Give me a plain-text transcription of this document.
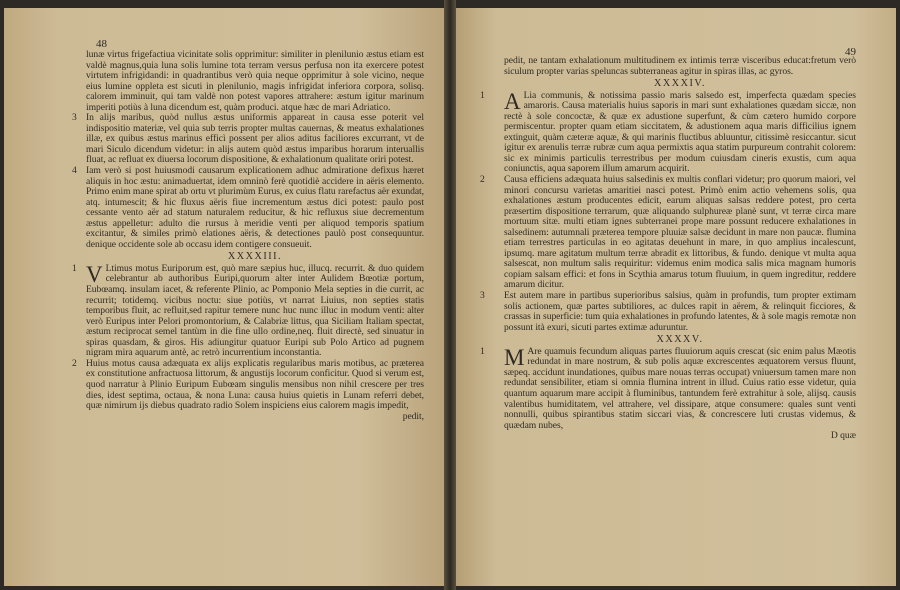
48

lunæ virtus frigefactiua vicinitate solis opprimitur: similiter in plenilunio æstus etiam est valdè magnus,quia luna solis lumine tota terram versus perfusa non ita exercere potest virtutem infrigidandi: in quadrantibus verò quia neque opprimitur à sole vicino, neque eius lumine oppleta est sicuti in plenilunio, magis infrigidat inferiora corpora, solisq. calorem imminuit, qui tam valdè non potest vapores attrahere: æstum igitur marinum imperiti potiùs à luna dicendum est, quàm produci. atque hæc de mari Adriatico.

3 In alijs maribus, quòd nullus æstus uniformis appareat in causa esse poterit vel indispositio materiæ, vel quia sub terris propter multas cauernas, & meatus exhalationes illæ, ex quibus æstus marinus efficì possent per alios aditus faciliores excurrant, vt de mari Siculo dicendum videtur: in alijs autem quòd æstus imparibus horarum interuallis fluat, ac refluat ex diuersa locorum dispositione, & exhalationum qualitate oriri potest.

4 Iam verò si post huiusmodi causarum explicationem adhuc admiratione defixus hæret aliquis in hoc æstu: animaduertat, idem omninò ferè quotidiè accidere in aëris elemento. Primo enim mane spirat ab ortu vt plurimùm Eurus, ex cuius flatu rarefactus aër exundat, atq. intumescit; & hic fluxus aëris fiue incrementum æstus dici potest: paulo post cessante vento aër ad statum naturalem reducitur, & hic refluxus siue decrementum æstus appelletur: adulto die rursus à meridie venti per aliquod temporis spatium excitantur, & similes primò elationes aëris, & detectiones paulò post consequuntur. denique occidente sole ab occasu idem contigere consueuit.

XXXXIII.
1 V Ltimus motus Euriporum est, quò mare sæpius huc, illucq. recurrit. & duo quidem celebrantur ab authoribus Euripi,quorum alter inter Aulidem Bœotiæ portum, Eubœamq. insulam iacet, & referente Plinio, ac Pomponio Mela septies in die currit, ac recurrit; totidemq. vicibus noctu: siue potiùs, vt narrat Liuius, non septies statis temporibus fluit, ac refluit,sed rapitur temere nunc huc nunc illuc in modum venti: alter verò Euripus inter Pelori promontorium, & Calabriæ littus, qua Siciliam Italiam spectat, æstum reciprocat semel tantùm in die fine ullo ordine,neq. fluit directè, sed sinuatur in spiras quasdam, & giros. His adiungitur quatuor Euripi sub Polo Artico ad pugnem nigram mira aquarum antè, ac retrò incurrentium inconstantia.

2 Huius motus causa adæquata ex alijs explicatis regularibus maris motibus, ac præterea ex constitutione anfractuosa littorum, & angustijs locorum conficitur. Quod si verum est, quod narratur à Plinio Euripum Eubœam singulis mensibus non nihil crescere per tres dies, idest septima, octaua, & nona Luna: causa huius quietis in Lunam referri debet, quæ nimirum ijs diebus quadrato radio Solem inspiciens eius calorem magis impedit,

pedit,
49

pedit, ne tantam exhalationum multitudinem ex intimis terræ visceribus educat:fretum verò siculum propter varias speluncas subterraneas agitur in spiras illas, ac gyros.

XXXXIV.
1 A Lia communis, & notissima passio maris salsedo est, imperfecta quædam species amaroris. Causa materialis huius saporis in mari sunt exhalationes quædam siccæ, non rectè à sole concoctæ, & quæ ex adustione superfunt, & cùm cætero humido corpore permiscentur. propter quam etiam siccitatem, & adustionem aqua maris difficilius ignem extinguit, quàm cæteræ aquæ, & qui marinis fluctibus abluuntur, citissimè resiccantur. sicut igitur ex arenulis terræ rubræ cum aqua permixtis aqua statim purpureum contrahit colorem: sic ex minimis particulis terrestribus per modum cuiusdam cineris exustis, cum aqua coniunctis, aqua saporem illum amarum acquirit.

2 Causa efficiens adæquata huius salsedinis ex multis conflari videtur; pro quorum maiori, vel minori concursu varietas amaritiei nasci potest. Primò enim actio vehemens solis, qua exhalationes æstum producentes edicit, earum aliquas salsas reddere potest, pro certa præsertim dispositione terrarum, quæ aliquando sulphureæ planè sunt, vt terræ circa mare mortuum sitæ. multi etiam ignes subterranei prope mare possunt reducere exhalationes in salsedinem: autumnali præterea tempore pluuiæ salsæ decidunt in mare non paucæ. flumina etiam terrestres particulas in eo agitatas deuehunt in mare, in quo amplius incalescunt, ipsumq. mare agitatum multum terræ abradit ex littoribus, & fundo. denique vt multa aqua salsescat, non multum salis requiritur: videmus enim modica salis mica magnam humoris copiam salsam effici: et fons in Scythia amarus totum fluuium, in quem ingreditur, reddere amarum dicitur.

3 Est autem mare in partibus superioribus salsius, quàm in profundis, tum propter extimam solis actionem, quæ partes subtiliores, ac dulces rapit in aërem, & relinquit ficciores, & crassas in superficie: tum quia exhalationes in profundo latentes, & à sole magis remotæ non possunt ità exuri, sicuti partes extimæ aduruntur.

XXXXV.
1 M Are quamuis fecundum aliquas partes fluuiorum aquis crescat (sic enim palus Mæotis redundat in mare nostrum, & sub polis aquæ excrescentes æquatorem versus fluunt, sæpeq. accidunt inundationes, quibus mare nouas terras occupat) vniuersum tamen mare non redundat sensibiliter, etiam si omnia flumina intrent in illud. Cuius ratio esse videtur, quia quantum aquarum mare accipit à fluminibus, tantundem ferè extrahitur à sole, alijsq. causis valentibus humiditatem, vel attrahere, vel dissipare, atque consumere: quales sunt venti nonnulli, quibus spirantibus statim siccari vias, & concrescere luti crustas videmus, & quædam nubes,

D quæ
